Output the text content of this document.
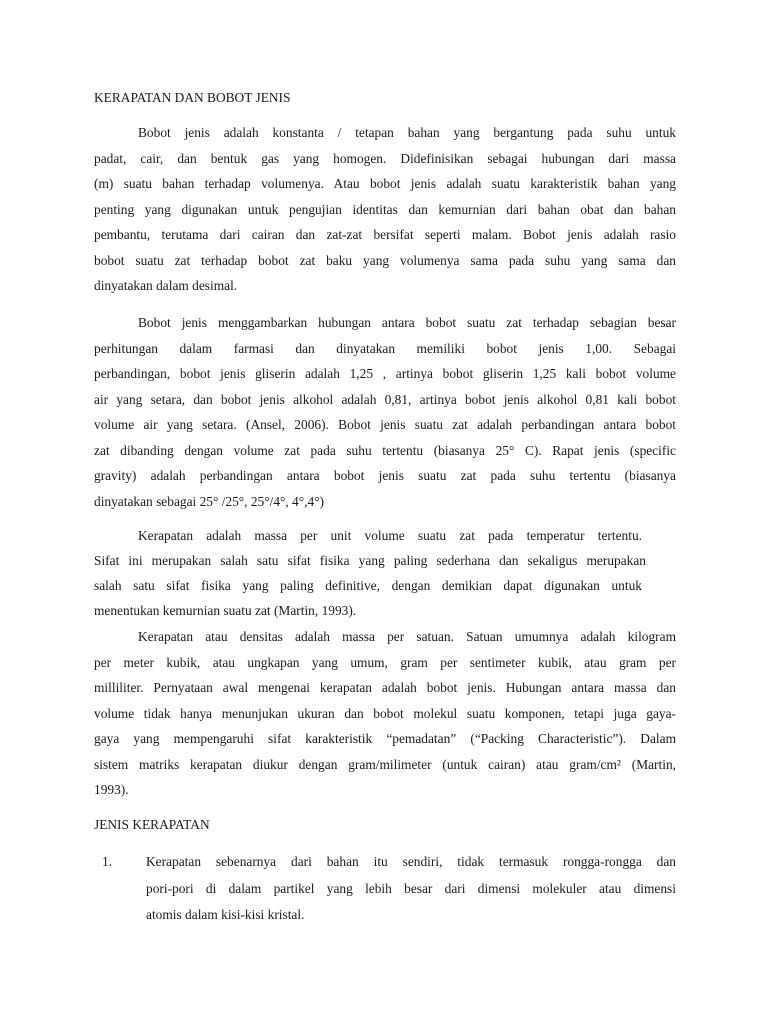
KERAPATAN DAN BOBOT JENIS
Bobot jenis adalah konstanta / tetapan bahan yang bergantung pada suhu untuk
padat, cair, dan bentuk gas yang homogen. Didefinisikan sebagai hubungan dari massa
(m) suatu bahan terhadap volumenya. Atau bobot jenis adalah suatu karakteristik bahan yang
penting yang digunakan untuk pengujian identitas dan kemurnian dari bahan obat dan bahan
pembantu, terutama dari cairan dan zat-zat bersifat seperti malam. Bobot jenis adalah rasio
bobot suatu zat terhadap bobot zat baku yang volumenya sama pada suhu yang sama dan
dinyatakan dalam desimal.
Bobot jenis menggambarkan hubungan antara bobot suatu zat terhadap sebagian besar
perhitungan dalam farmasi dan dinyatakan memiliki bobot jenis 1,00. Sebagai
perbandingan, bobot jenis gliserin adalah 1,25 , artinya bobot gliserin 1,25 kali bobot volume
air yang setara, dan bobot jenis alkohol adalah 0,81, artinya bobot jenis alkohol 0,81 kali bobot
volume air yang setara. (Ansel, 2006). Bobot jenis suatu zat adalah perbandingan antara bobot
zat dibanding dengan volume zat pada suhu tertentu (biasanya 25° C). Rapat jenis (specific
gravity) adalah perbandingan antara bobot jenis suatu zat pada suhu tertentu (biasanya
dinyatakan sebagai 25° /25°, 25°/4°, 4°,4°)
Kerapatan adalah massa per unit volume suatu zat pada temperatur tertentu.
Sifat ini merupakan salah satu sifat fisika yang paling sederhana dan sekaligus merupakan
salah satu sifat fisika yang paling definitive, dengan demikian dapat digunakan untuk
menentukan kemurnian suatu zat (Martin, 1993).
Kerapatan atau densitas adalah massa per satuan. Satuan umumnya adalah kilogram
per meter kubik, atau ungkapan yang umum, gram per sentimeter kubik, atau gram per
milliliter. Pernyataan awal mengenai kerapatan adalah bobot jenis. Hubungan antara massa dan
volume tidak hanya menunjukan ukuran dan bobot molekul suatu komponen, tetapi juga gaya-
gaya yang mempengaruhi sifat karakteristik “pemadatan” (“Packing Characteristic”). Dalam
sistem matriks kerapatan diukur dengan gram/milimeter (untuk cairan) atau gram/cm² (Martin,
1993).
JENIS KERAPATAN
1.	Kerapatan sebenarnya dari bahan itu sendiri, tidak termasuk rongga-rongga dan
pori-pori di dalam partikel yang lebih besar dari dimensi molekuler atau dimensi
atomis dalam kisi-kisi kristal.
